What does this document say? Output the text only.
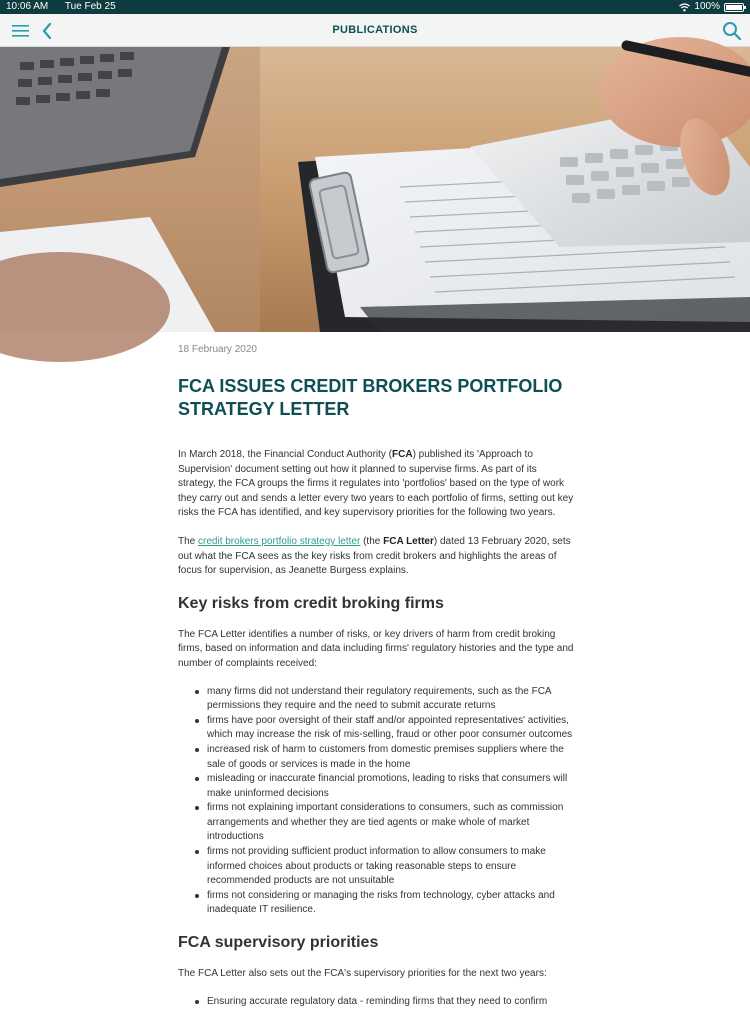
10:06 AM Tue Feb 25	100%
PUBLICATIONS
18 February 2020
FCA ISSUES CREDIT BROKERS PORTFOLIO STRATEGY LETTER

In March 2018, the Financial Conduct Authority (FCA) published its 'Approach to Supervision' document setting out how it planned to supervise firms. As part of its strategy, the FCA groups the firms it regulates into 'portfolios' based on the type of work they carry out and sends a letter every two years to each portfolio of firms, setting out key risks the FCA has identified, and key supervisory priorities for the following two years.

The credit brokers portfolio strategy letter (the FCA Letter) dated 13 February 2020, sets out what the FCA sees as the key risks from credit brokers and highlights the areas of focus for supervision, as Jeanette Burgess explains.

Key risks from credit broking firms

The FCA Letter identifies a number of risks, or key drivers of harm from credit broking firms, based on information and data including firms' regulatory histories and the type and number of complaints received:

many firms did not understand their regulatory requirements, such as the FCA permissions they require and the need to submit accurate returns
firms have poor oversight of their staff and/or appointed representatives' activities, which may increase the risk of mis-selling, fraud or other poor consumer outcomes
increased risk of harm to customers from domestic premises suppliers where the sale of goods or services is made in the home
misleading or inaccurate financial promotions, leading to risks that consumers will make uninformed decisions
firms not explaining important considerations to consumers, such as commission arrangements and whether they are tied agents or make whole of market introductions
firms not providing sufficient product information to allow consumers to make informed choices about products or taking reasonable steps to ensure recommended products are not unsuitable
firms not considering or managing the risks from technology, cyber attacks and inadequate IT resilience.
FCA supervisory priorities

The FCA Letter also sets out the FCA's supervisory priorities for the next two years:

Ensuring accurate regulatory data - reminding firms that they need to confirm
